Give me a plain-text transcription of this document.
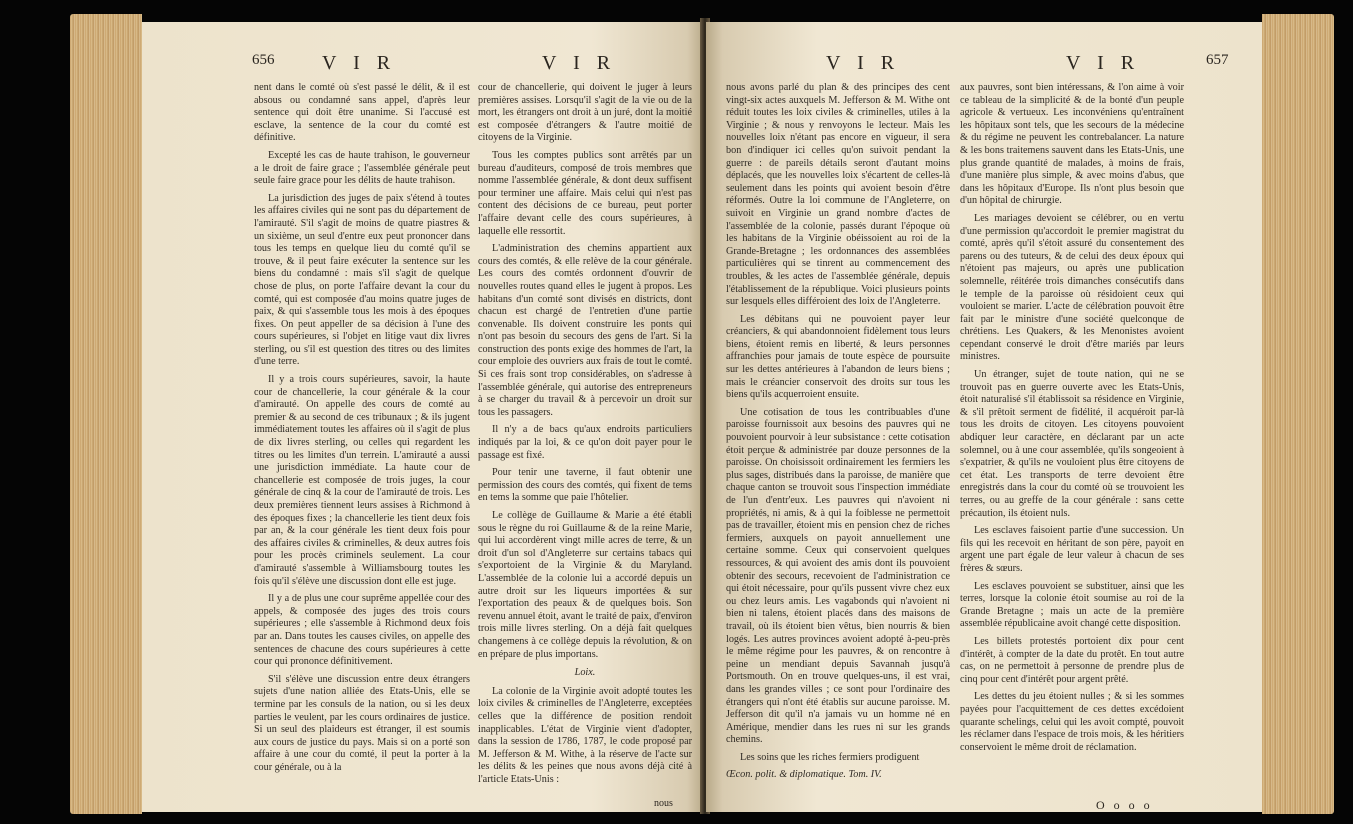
656 V I R	V I R

nent dans le comté où s'est passé le délit, & il est absous ou condamné sans appel, d'après leur sentence qui doit être unanime. Si l'accusé est esclave, la sentence de la cour du comté est définitive.

Excepté les cas de haute trahison, le gouverneur a le droit de faire grace ; l'assemblée générale peut seule faire grace pour les délits de haute trahison.

La jurisdiction des juges de paix s'étend à toutes les affaires civiles qui ne sont pas du département de l'amirauté. S'il s'agit de moins de quatre piastres & un sixième, un seul d'entre eux peut prononcer dans tous les temps en quelque lieu du comté qu'il se trouve, & il peut faire exécuter la sentence sur les biens du condamné : mais s'il s'agit de quelque chose de plus, on porte l'affaire devant la cour du comté, qui est composée d'au moins quatre juges de paix, & qui s'assemble tous les mois à des époques fixes. On peut appeller de sa décision à l'une des cours supérieures, si l'objet en litige vaut dix livres sterling, ou s'il est question des titres ou des limites d'une terre.

Il y a trois cours supérieures, savoir, la haute cour de chancellerie, la cour générale & la cour d'amirauté. On appelle des cours de comté au premier & au second de ces tribunaux ; & ils jugent immédiatement toutes les affaires où il s'agit de plus de dix livres sterling, ou celles qui regardent les titres ou les limites d'un terrein. L'amirauté a aussi une jurisdiction immédiate. La haute cour de chancellerie est composée de trois juges, la cour générale de cinq & la cour de l'amirauté de trois. Les deux premières tiennent leurs assises à Richmond à des époques fixes ; la chancellerie les tient deux fois par an, & la cour générale les tient deux fois pour des affaires civiles & criminelles, & deux autres fois pour les procès criminels seulement. La cour d'amirauté s'assemble à Williamsbourg toutes les fois qu'il s'élève une discussion dont elle est juge.

Il y a de plus une cour suprême appellée cour des appels, & composée des juges des trois cours supérieures ; elle s'assemble à Richmond deux fois par an. Dans toutes les causes civiles, on appelle des sentences de chacune des cours supérieures à cette cour qui prononce définitivement.

S'il s'élève une discussion entre deux étrangers sujets d'une nation alliée des Etats-Unis, elle se termine par les consuls de la nation, ou si les deux parties le veulent, par les cours ordinaires de justice. Si un seul des plaideurs est étranger, il est soumis aux cours de justice du pays. Mais si on a porté son affaire à une cour du comté, il peut la porter à la cour générale, ou à la

cour de chancellerie, qui doivent le juger à leurs premières assises. Lorsqu'il s'agit de la vie ou de la mort, les étrangers ont droit à un juré, dont la moitié est composée d'étrangers & l'autre moitié de citoyens de la Virginie.

Tous les comptes publics sont arrêtés par un bureau d'auditeurs, composé de trois membres que nomme l'assemblée générale, & dont deux suffisent pour terminer une affaire. Mais celui qui n'est pas content des décisions de ce bureau, peut porter l'affaire devant celle des cours supérieures, à laquelle elle ressortit.

L'administration des chemins appartient aux cours des comtés, & elle relève de la cour générale. Les cours des comtés ordonnent d'ouvrir de nouvelles routes quand elles le jugent à propos. Les habitans d'un comté sont divisés en districts, dont chacun est chargé de l'entretien d'une partie convenable. Ils doivent construire les ponts qui n'ont pas besoin du secours des gens de l'art. Si la construction des ponts exige des hommes de l'art, la cour emploie des ouvriers aux frais de tout le comté. Si ces frais sont trop considérables, on s'adresse à l'assemblée générale, qui autorise des entrepreneurs à se charger du travail & à percevoir un droit sur tous les passagers.

Il n'y a de bacs qu'aux endroits particuliers indiqués par la loi, & ce qu'on doit payer pour le passage est fixé.

Pour tenir une taverne, il faut obtenir une permission des cours des comtés, qui fixent de tems en tems la somme que paie l'hôtelier.

Le collège de Guillaume & Marie a été établi sous le règne du roi Guillaume & de la reine Marie, qui lui accordèrent vingt mille acres de terre, & un droit d'un sol d'Angleterre sur certains tabacs qui s'exportoient de la Virginie & du Maryland. L'assemblée de la colonie lui a accordé depuis un autre droit sur les liqueurs importées & sur l'exportation des peaux & de quelques bois. Son revenu annuel étoit, avant le traité de paix, d'environ trois mille livres sterling. On a déjà fait quelques changemens à ce collège depuis la révolution, & on en prépare de plus importans.

Loix.

La colonie de la Virginie avoit adopté toutes les loix civiles & criminelles de l'Angleterre, exceptées celles que la différence de position rendoit inapplicables. L'état de Virginie vient d'adopter, dans la session de 1786, 1787, le code proposé par M. Jefferson & M. Withe, à la réserve de l'acte sur les délits & les peines que nous avons déjà cité à l'article Etats-Unis :

nous
V I R	V I R	657

nous avons parlé du plan & des principes des cent vingt-six actes auxquels M. Jefferson & M. Withe ont réduit toutes les loix civiles & criminelles, utiles à la Virginie ; & nous y renvoyons le lecteur. Mais les nouvelles loix n'étant pas encore en vigueur, il sera bon d'indiquer ici celles qu'on suivoit pendant la guerre : de pareils détails seront d'autant moins déplacés, que les nouvelles loix s'écartent de celles-là seulement dans les points qui avoient besoin d'être réformés. Outre la loi commune de l'Angleterre, on suivoit en Virginie un grand nombre d'actes de l'assemblée de la colonie, passés durant l'époque où les habitans de la Virginie obéissoient au roi de la Grande-Bretagne ; les ordonnances des assemblées particulières qui se tinrent au commencement des troubles, & les actes de l'assemblée générale, depuis l'établissement de la république. Voici plusieurs points sur lesquels elles différoient des loix de l'Angleterre.

Les débitans qui ne pouvoient payer leur créanciers, & qui abandonnoient fidèlement tous leurs biens, étoient remis en liberté, & leurs personnes affranchies pour jamais de toute espèce de poursuite sur les dettes antérieures à l'abandon de leurs biens ; mais le créancier conservoit des droits sur tous les biens qu'ils acquerroient ensuite.

Une cotisation de tous les contribuables d'une paroisse fournissoit aux besoins des pauvres qui ne pouvoient pourvoir à leur subsistance : cette cotisation étoit perçue & administrée par douze personnes de la paroisse. On choisissoit ordinairement les fermiers les plus sages, distribués dans la paroisse, de manière que chaque canton se trouvoit sous l'inspection immédiate de l'un d'entr'eux. Les pauvres qui n'avoient ni propriétés, ni amis, & à qui la foiblesse ne permettoit pas de travailler, étoient mis en pension chez de riches fermiers, auxquels on payoit annuellement une certaine somme. Ceux qui conservoient quelques ressources, & qui avoient des amis dont ils pouvoient obtenir des secours, recevoient de l'administration ce qui étoit nécessaire, pour qu'ils pussent vivre chez eux ou chez leurs amis. Les vagabonds qui n'avoient ni bien ni talens, étoient placés dans des maisons de travail, où ils étoient bien vêtus, bien nourris & bien logés. Les autres provinces avoient adopté à-peu-près le même régime pour les pauvres, & on rencontre à peine un mendiant depuis Savannah jusqu'à Portsmouth. On en trouve quelques-uns, il est vrai, dans les grandes villes ; ce sont pour l'ordinaire des étrangers qui n'ont été établis sur aucune paroisse. M. Jefferson dit qu'il n'a jamais vu un homme né en Amérique, mendier dans les rues ni sur les grands chemins.

Les soins que les riches fermiers prodiguent

Œcon. polit. & diplomatique. Tom. IV.

aux pauvres, sont bien intéressans, & l'on aime à voir ce tableau de la simplicité & de la bonté d'un peuple agricole & vertueux. Les inconvéniens qu'entraînent les hôpitaux sont tels, que les secours de la médecine & du régime ne peuvent les contrebalancer. La nature & les bons traitemens sauvent dans les Etats-Unis, une plus grande quantité de malades, à moins de frais, d'une manière plus simple, & avec moins d'abus, que dans les hôpitaux d'Europe. Ils n'ont plus besoin que d'un hôpital de chirurgie.

Les mariages devoient se célébrer, ou en vertu d'une permission qu'accordoit le premier magistrat du comté, après qu'il s'étoit assuré du consentement des parens ou des tuteurs, & de celui des deux époux qui n'étoient pas majeurs, ou après une publication solemnelle, réitérée trois dimanches consécutifs dans le temple de la paroisse où résidoient ceux qui vouloient se marier. L'acte de célébration pouvoit être fait par le ministre d'une société quelconque de chrétiens. Les Quakers, & les Menonistes avoient cependant conservé le droit d'être mariés par leurs ministres.

Un étranger, sujet de toute nation, qui ne se trouvoit pas en guerre ouverte avec les Etats-Unis, étoit naturalisé s'il établissoit sa résidence en Virginie, & s'il prêtoit serment de fidélité, il acquéroit par-là tous les droits de citoyen. Les citoyens pouvoient abdiquer leur caractère, en déclarant par un acte solemnel, ou à une cour assemblée, qu'ils songeoient à s'expatrier, & qu'ils ne vouloient plus être citoyens de cet état. Les transports de terre devoient être enregistrés dans la cour du comté où se trouvoient les terres, ou au greffe de la cour générale : sans cette précaution, ils étoient nuls.

Les esclaves faisoient partie d'une succession. Un fils qui les recevoit en héritant de son père, payoit en argent une part égale de leur valeur à chacun de ses frères & sœurs.

Les esclaves pouvoient se substituer, ainsi que les terres, lorsque la colonie étoit soumise au roi de la Grande Bretagne ; mais un acte de la première assemblée républicaine avoit changé cette disposition.

Les billets protestés portoient dix pour cent d'intérêt, à compter de la date du protêt. En tout autre cas, on ne permettoit à personne de prendre plus de cinq pour cent d'intérêt pour argent prêté.

Les dettes du jeu étoient nulles ; & si les sommes payées pour l'acquittement de ces dettes excédoient quarante schelings, celui qui les avoit compté, pouvoit les réclamer dans l'espace de trois mois, & les héritiers conservoient le même droit de réclamation.

O o o o
